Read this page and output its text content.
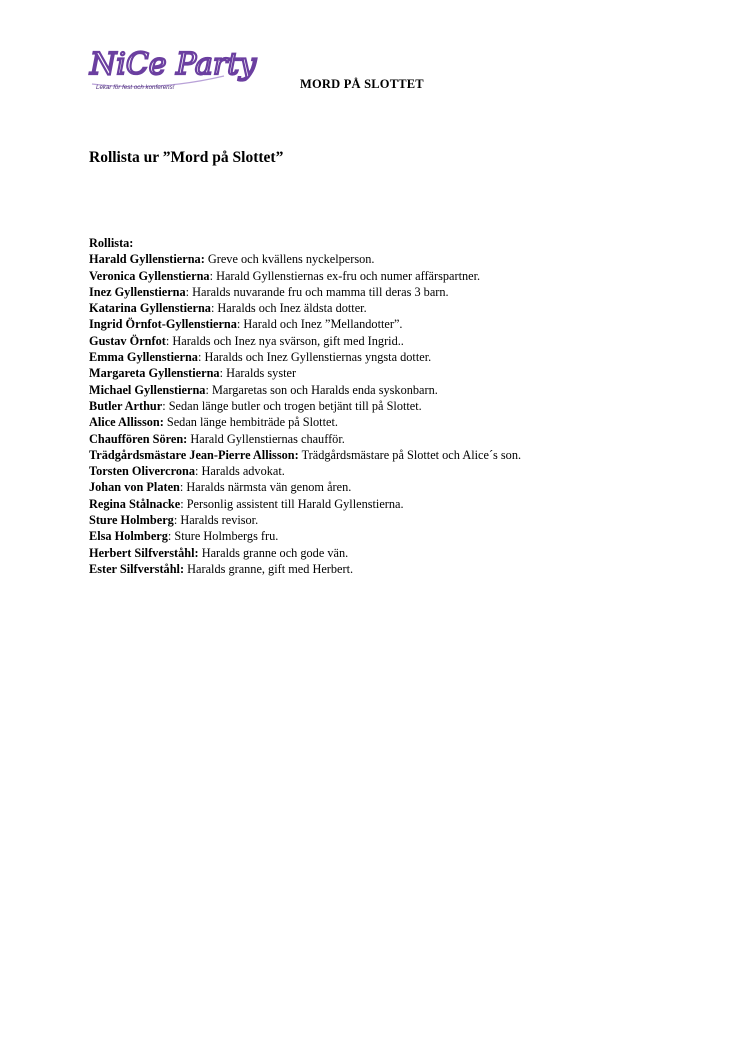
NiCe Party
Lekar för fest och konferens!	MORD PÅ SLOTTET
Rollista ur ”Mord på Slottet”
Rollista:
Harald Gyllenstierna: Greve och kvällens nyckelperson.
Veronica Gyllenstierna: Harald Gyllenstiernas ex-fru och numer affärspartner.
Inez Gyllenstierna: Haralds nuvarande fru och mamma till deras 3 barn.
Katarina Gyllenstierna: Haralds och Inez äldsta dotter.
Ingrid Örnfot-Gyllenstierna: Harald och Inez ”Mellandotter”.
Gustav Örnfot: Haralds och Inez nya svärson, gift med Ingrid..
Emma Gyllenstierna: Haralds och Inez Gyllenstiernas yngsta dotter.
Margareta Gyllenstierna: Haralds syster
Michael Gyllenstierna: Margaretas son och Haralds enda syskonbarn.
Butler Arthur: Sedan länge butler och trogen betjänt till på Slottet.
Alice Allisson: Sedan länge hembiträde på Slottet.
Chauffören Sören: Harald Gyllenstiernas chaufför.
Trädgårdsmästare Jean-Pierre Allisson: Trädgårdsmästare på Slottet och Alice´s son.
Torsten Olivercrona: Haralds advokat.
Johan von Platen: Haralds närmsta vän genom åren.
Regina Stålnacke: Personlig assistent till Harald Gyllenstierna.
Sture Holmberg: Haralds revisor.
Elsa Holmberg: Sture Holmbergs fru.
Herbert Silfverståhl: Haralds granne och gode vän.
Ester Silfverståhl: Haralds granne, gift med Herbert.
